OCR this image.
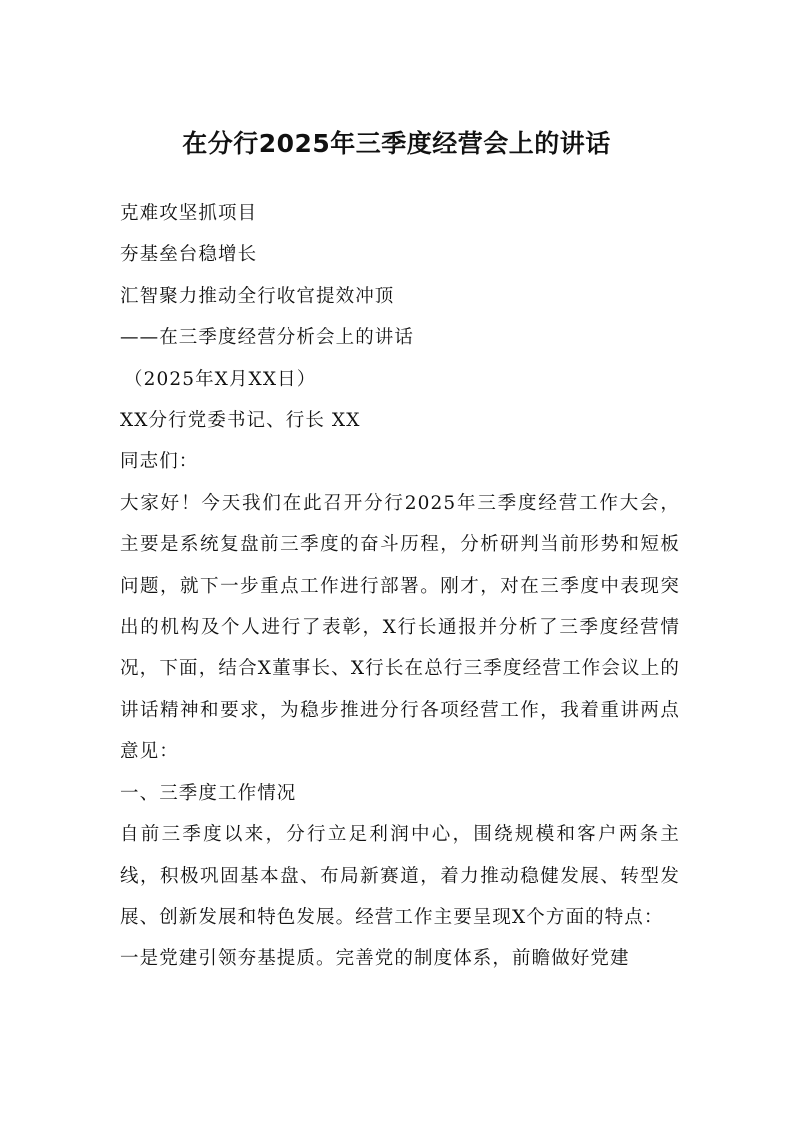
在分行2025年三季度经营会上的讲话
克难攻坚抓项目
夯基垒台稳增长
汇智聚力推动全行收官提效冲顶
——在三季度经营分析会上的讲话
（2025年X月XX日）
XX分行党委书记、行长 XX
同志们：

大家好！今天我们在此召开分行2025年三季度经营工作大会，主要是系统复盘前三季度的奋斗历程，分析研判当前形势和短板问题，就下一步重点工作进行部署。刚才，对在三季度中表现突出的机构及个人进行了表彰，X行长通报并分析了三季度经营情况，下面，结合X董事长、X行长在总行三季度经营工作会议上的讲话精神和要求，为稳步推进分行各项经营工作，我着重讲两点意见：

一、三季度工作情况

自前三季度以来，分行立足利润中心，围绕规模和客户两条主线，积极巩固基本盘、布局新赛道，着力推动稳健发展、转型发展、创新发展和特色发展。经营工作主要呈现X个方面的特点：

一是党建引领夯基提质。完善党的制度体系，前瞻做好党建
